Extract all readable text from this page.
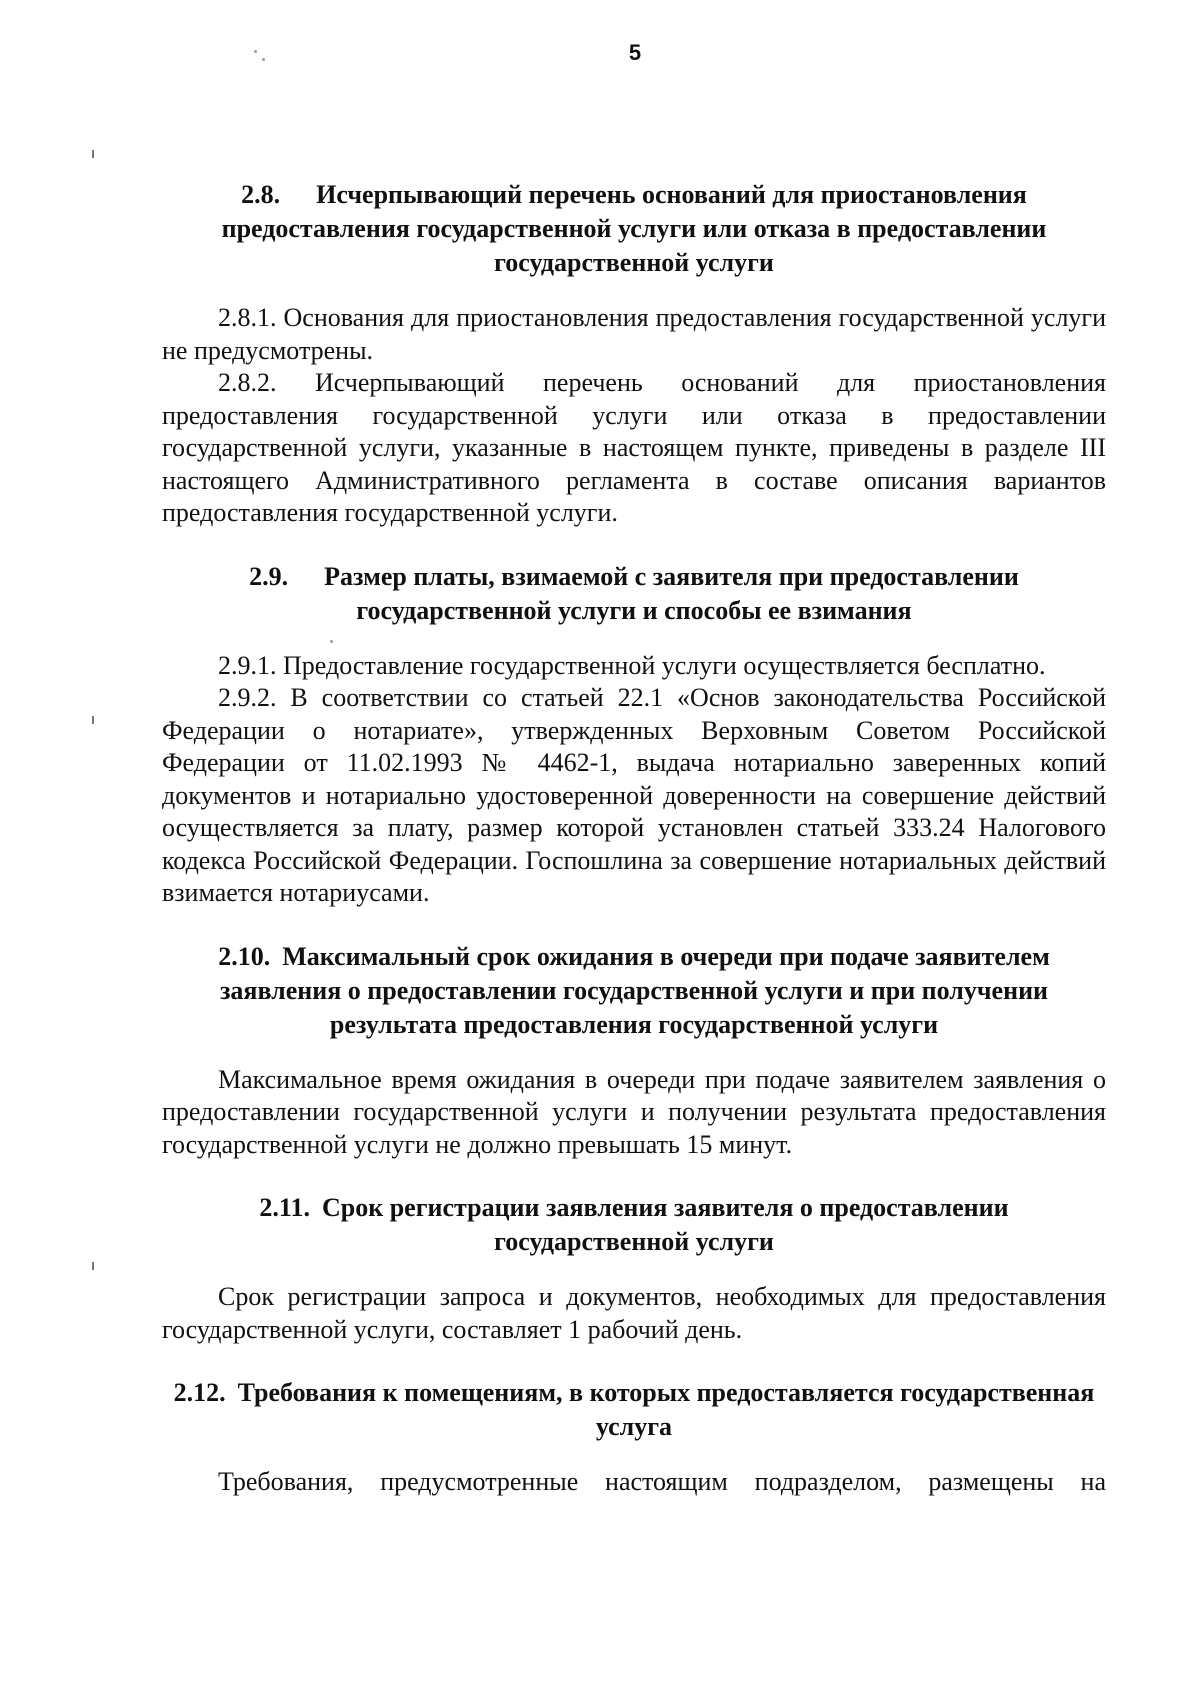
5
2.8. Исчерпывающий перечень оснований для приостановления предоставления государственной услуги или отказа в предоставлении государственной услуги

2.8.1. Основания для приостановления предоставления государственной услуги не предусмотрены.

2.8.2. Исчерпывающий перечень оснований для приостановления предоставления государственной услуги или отказа в предоставлении государственной услуги, указанные в настоящем пункте, приведены в разделе III настоящего Административного регламента в составе описания вариантов предоставления государственной услуги.

2.9. Размер платы, взимаемой с заявителя при предоставлении государственной услуги и способы ее взимания

2.9.1. Предоставление государственной услуги осуществляется бесплатно.

2.9.2. В соответствии со статьей 22.1 «Основ законодательства Российской Федерации о нотариате», утвержденных Верховным Советом Российской Федерации от 11.02.1993 № 4462-1, выдача нотариально заверенных копий документов и нотариально удостоверенной доверенности на совершение действий осуществляется за плату, размер которой установлен статьей 333.24 Налогового кодекса Российской Федерации. Госпошлина за совершение нотариальных действий взимается нотариусами.

2.10. Максимальный срок ожидания в очереди при подаче заявителем заявления о предоставлении государственной услуги и при получении результата предоставления государственной услуги

Максимальное время ожидания в очереди при подаче заявителем заявления о предоставлении государственной услуги и получении результата предоставления государственной услуги не должно превышать 15 минут.

2.11. Срок регистрации заявления заявителя о предоставлении государственной услуги

Срок регистрации запроса и документов, необходимых для предоставления государственной услуги, составляет 1 рабочий день.

2.12. Требования к помещениям, в которых предоставляется государственная услуга

Требования, предусмотренные настоящим подразделом, размещены на
